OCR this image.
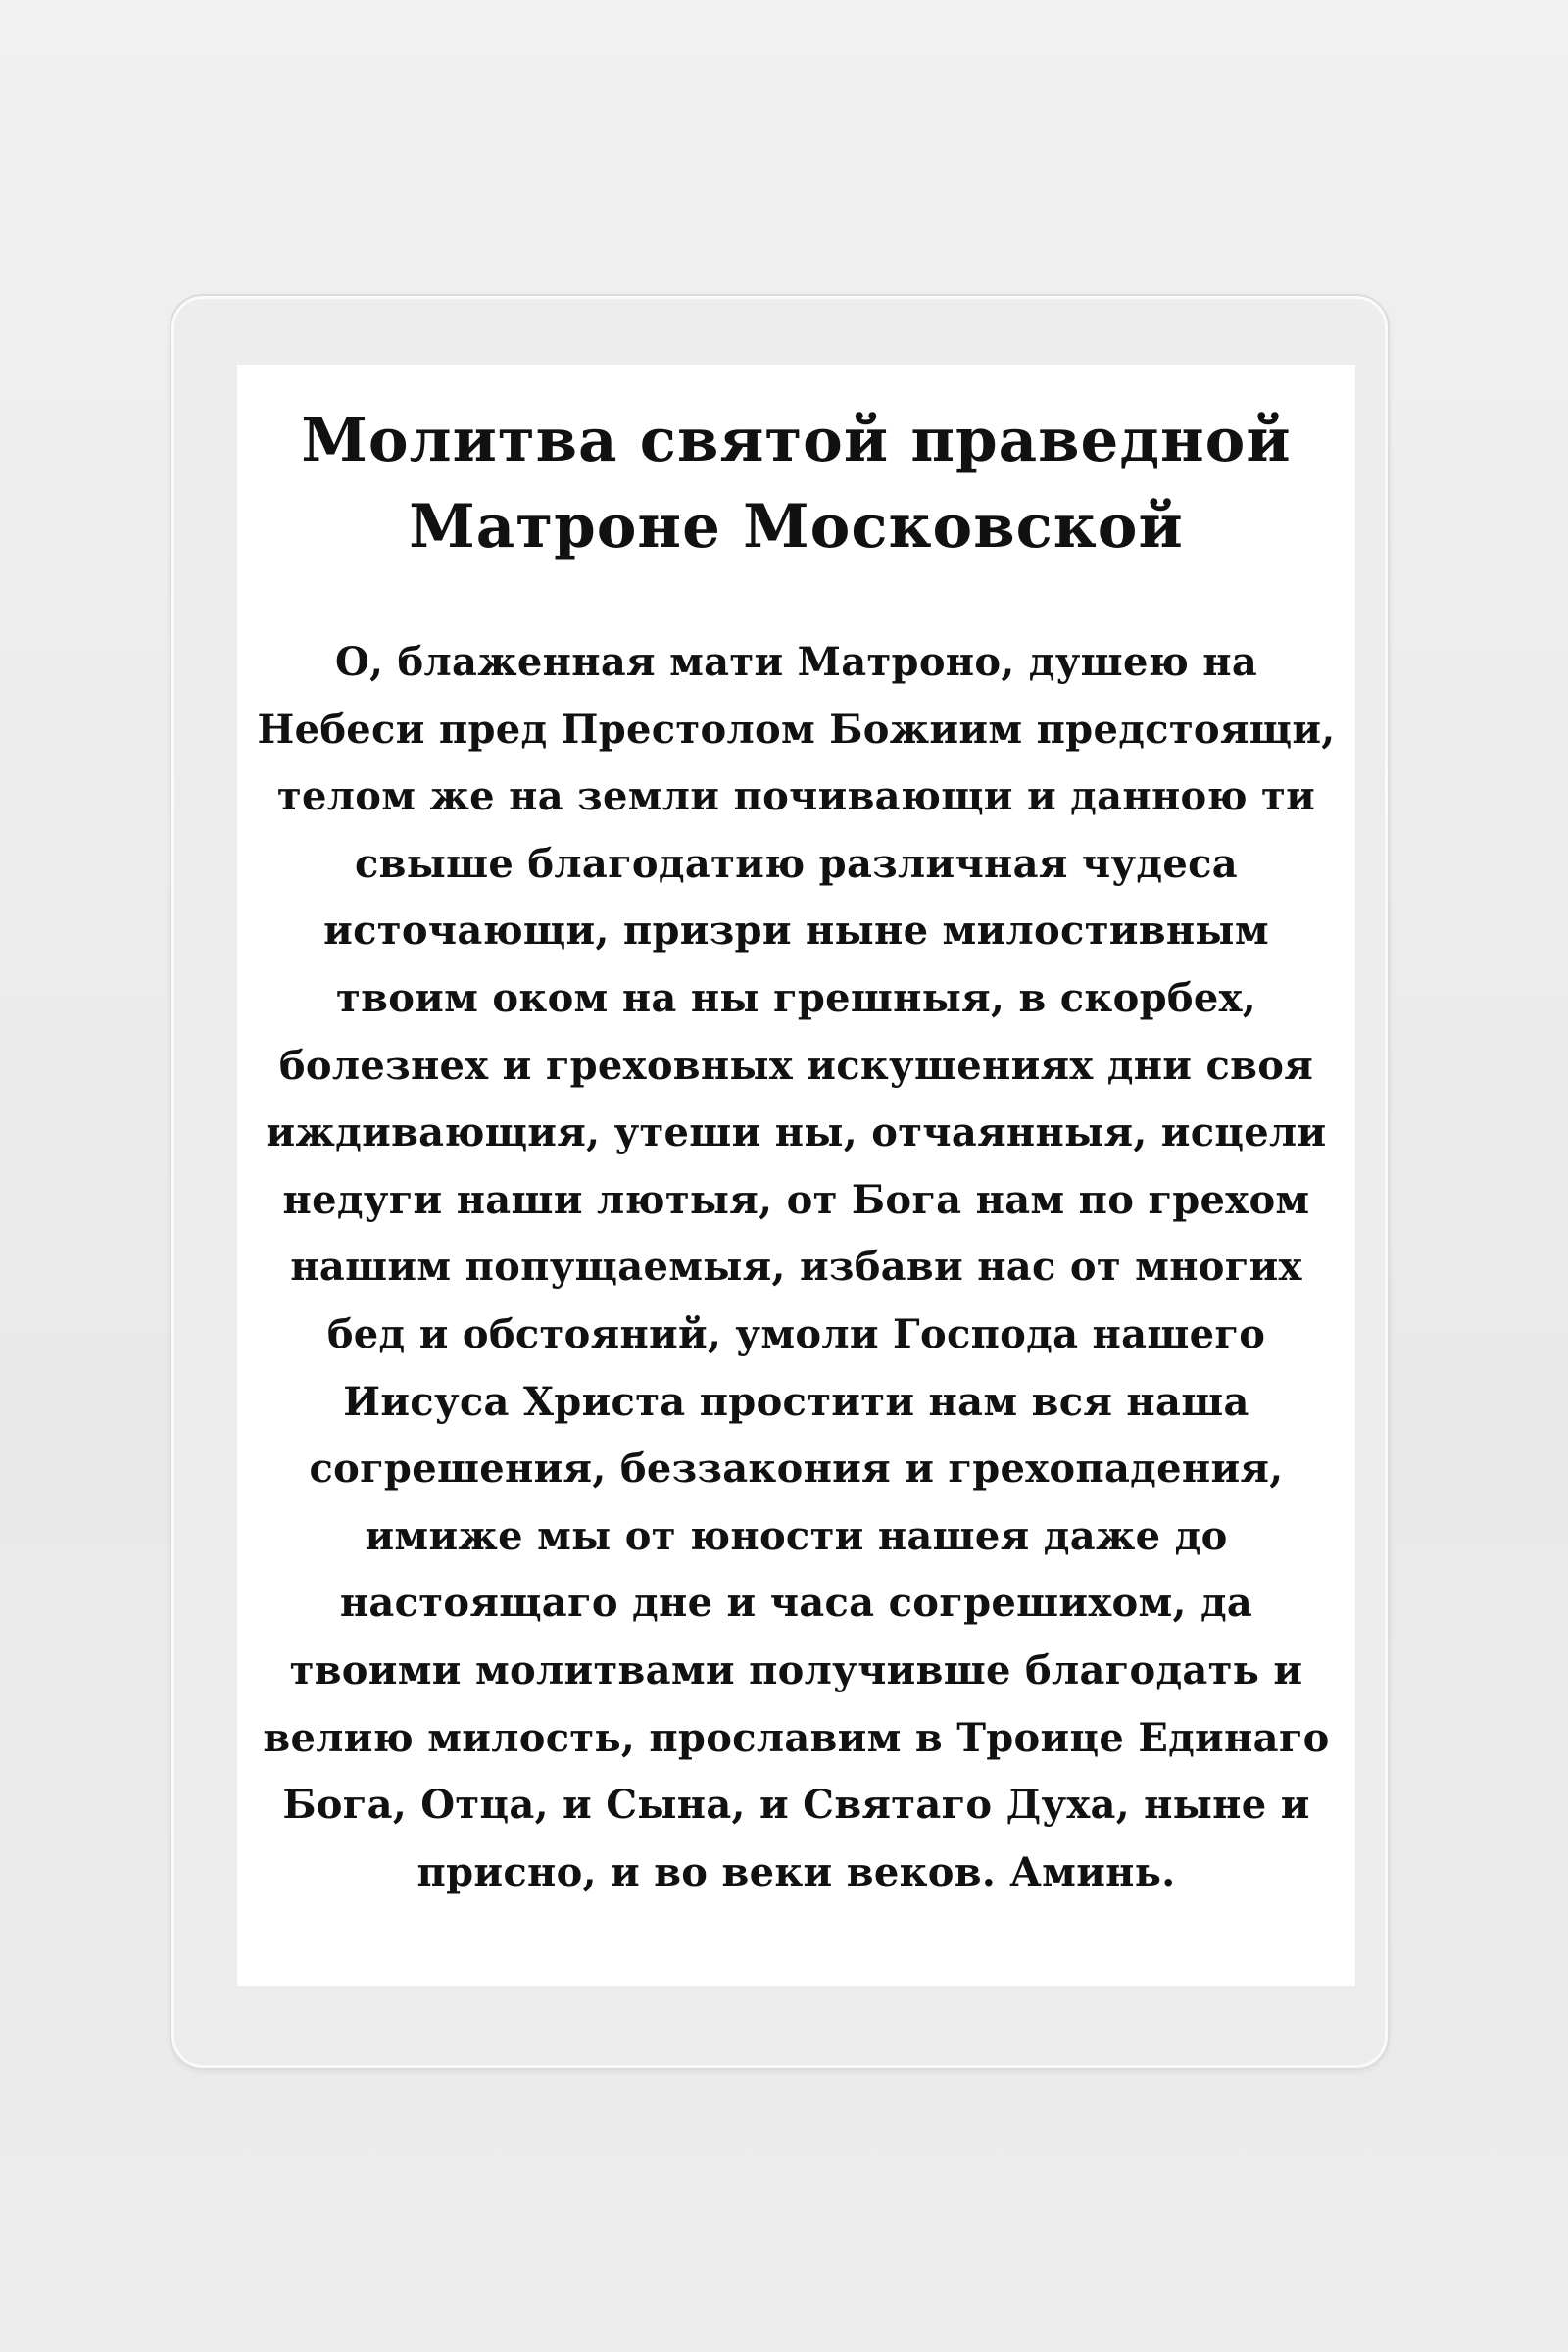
Молитва святой праведной
Матроне Московской
О, блаженная мати Матроно, душею на
Небеси пред Престолом Божиим предстоящи,
телом же на земли почивающи и данною ти
свыше благодатию различная чудеса
источающи, призри ныне милостивным
твоим оком на ны грешныя, в скорбех,
болезнех и греховных искушениях дни своя
иждивающия, утеши ны, отчаянныя, исцели
недуги наши лютыя, от Бога нам по грехом
нашим попущаемыя, избави нас от многих
бед и обстояний, умоли Господа нашего
Иисуса Христа простити нам вся наша
согрешения, беззакония и грехопадения,
имиже мы от юности нашея даже до
настоящаго дне и часа согрешихом, да
твоими молитвами получивше благодать и
велию милость, прославим в Троице Единаго
Бога, Отца, и Сына, и Святаго Духа, ныне и
присно, и во веки веков. Аминь.
